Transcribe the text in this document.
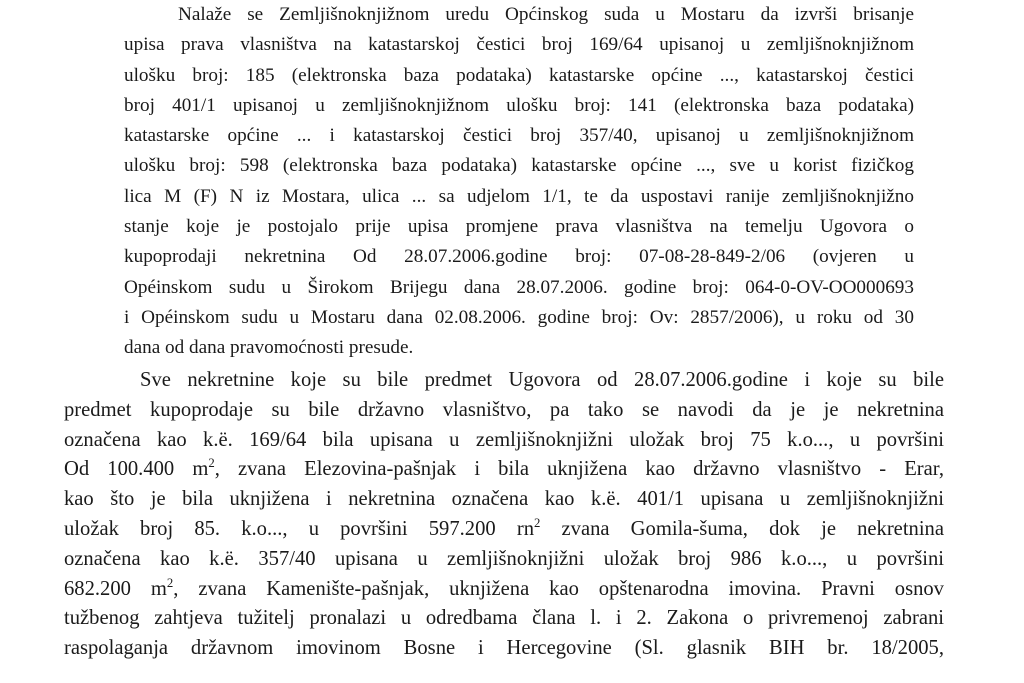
Nalaže se Zemljišnoknjižnom uredu Općinskog suda u Mostaru da izvrši brisanje
upisa prava vlasništva na katastarskoj čestici broj 169/64 upisanoj u zemljišnoknjižnom
ulošku broj: 185 (elektronska baza podataka) katastarske općine ..., katastarskoj čestici
broj 401/1 upisanoj u zemljišnoknjižnom ulošku broj: 141 (elektronska baza podataka)
katastarske općine ... i katastarskoj čestici broj 357/40, upisanoj u zemljišnoknjižnom
ulošku broj: 598 (elektronska baza podataka) katastarske općine ..., sve u korist fizičkog
lica M (F) N iz Mostara, ulica ... sa udjelom 1/1, te da uspostavi ranije zemljišnoknjižno
stanje koje je postojalo prije upisa promjene prava vlasništva na temelju Ugovora o
kupoprodaji nekretnina Od 28.07.2006.godine broj: 07-08-28-849-2/06 (ovjeren u
Opéinskom sudu u Širokom Brijegu dana 28.07.2006. godine broj: 064-0-OV-OO000693
i Opéinskom sudu u Mostaru dana 02.08.2006. godine broj: Ov: 2857/2006), u roku od 30
dana od dana pravomoćnosti presude.
Sve nekretnine koje su bile predmet Ugovora od 28.07.2006.godine i koje su bile
predmet kupoprodaje su bile državno vlasništvo, pa tako se navodi da je je nekretnina
označena kao k.ë. 169/64 bila upisana u zemljišnoknjižni uložak broj 75 k.o..., u površini
Od 100.400 $m^2$, zvana Elezovina-pašnjak i bila uknjižena kao državno vlasništvo - Erar,
kao što je bila uknjižena i nekretnina označena kao k.ë. 401/1 upisana u zemljišnoknjižni
uložak broj 85. k.o..., u površini 597.200 $rn^2$ zvana Gomila-šuma, dok je nekretnina
označena kao k.ë. 357/40 upisana u zemljišnoknjižni uložak broj 986 k.o..., u površini
682.200 $m^2$, zvana Kamenište-pašnjak, uknjižena kao opštenarodna imovina. Pravni osnov
tužbenog zahtjeva tužitelj pronalazi u odredbama člana l. i 2. Zakona o privremenoj zabrani
raspolaganja državnom imovinom Bosne i Hercegovine (Sl. glasnik BIH br. 18/2005,
